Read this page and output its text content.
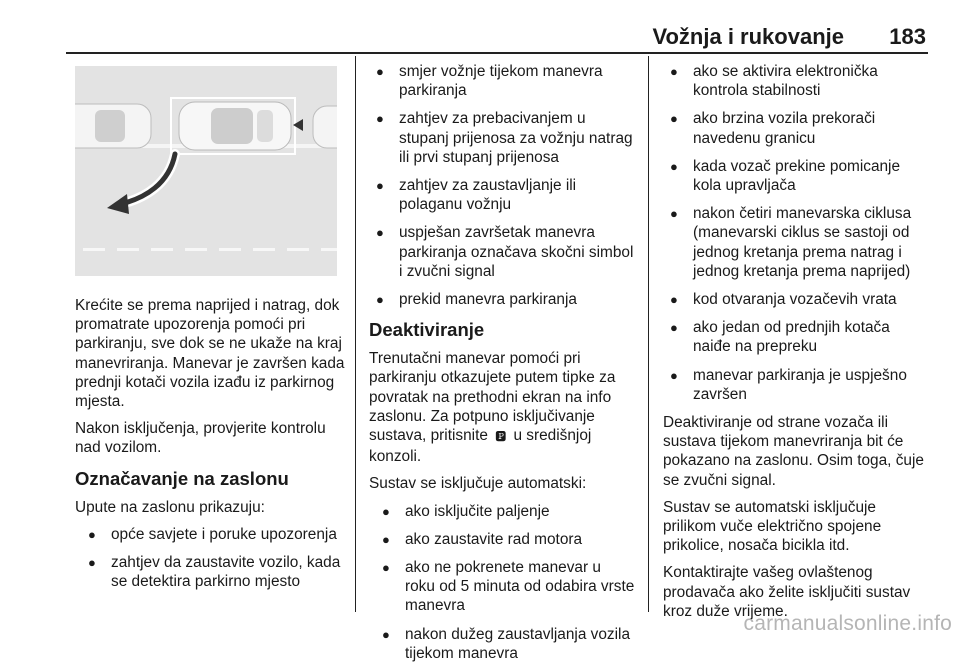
Vožnja i rukovanje 183

Krećite se prema naprijed i natrag, dok promatrate upozorenja pomoći pri parkiranju, sve dok se ne ukaže na kraj manevriranja. Manevar je završen kada prednji kotači vozila izađu iz parkirnog mjesta.

Nakon isključenja, provjerite kontrolu nad vozilom.

Označavanje na zaslonu

Upute na zaslonu prikazuju:

● opće savjete i poruke upozorenja
● zahtjev da zaustavite vozilo, kada se detektira parkirno mjesto
● smjer vožnje tijekom manevra parkiranja
● zahtjev za prebacivanjem u stupanj prijenosa za vožnju natrag ili prvi stupanj prijenosa
● zahtjev za zaustavljanje ili polaganu vožnju
● uspješan završetak manevra parkiranja označava skočni simbol i zvučni signal
● prekid manevra parkiranja
Deaktiviranje

Trenutačni manevar pomoći pri parkiranju otkazujete putem tipke za povratak na prethodni ekran na info zaslonu. Za potpuno isključivanje sustava, pritisnite 🅿 u središnjoj konzoli.

Sustav se isključuje automatski:

● ako isključite paljenje
● ako zaustavite rad motora
● ako ne pokrenete manevar u roku od 5 minuta od odabira vrste manevra
● nakon dužeg zaustavljanja vozila tijekom manevra
● ako se aktivira elektronička kontrola stabilnosti
● ako brzina vozila prekorači navedenu granicu
● kada vozač prekine pomicanje kola upravljača
● nakon četiri manevarska ciklusa (manevarski ciklus se sastoji od jednog kretanja prema natrag i jednog kretanja prema naprijed)
● kod otvaranja vozačevih vrata
● ako jedan od prednjih kotača naiđe na prepreku
● manevar parkiranja je uspješno završen

Deaktiviranje od strane vozača ili sustava tijekom manevriranja bit će pokazano na zaslonu. Osim toga, čuje se zvučni signal.

Sustav se automatski isključuje prilikom vuče električno spojene prikolice, nosača bicikla itd.

Kontaktirajte vašeg ovlaštenog prodavača ako želite isključiti sustav kroz duže vrijeme.

carmanualsonline.info
